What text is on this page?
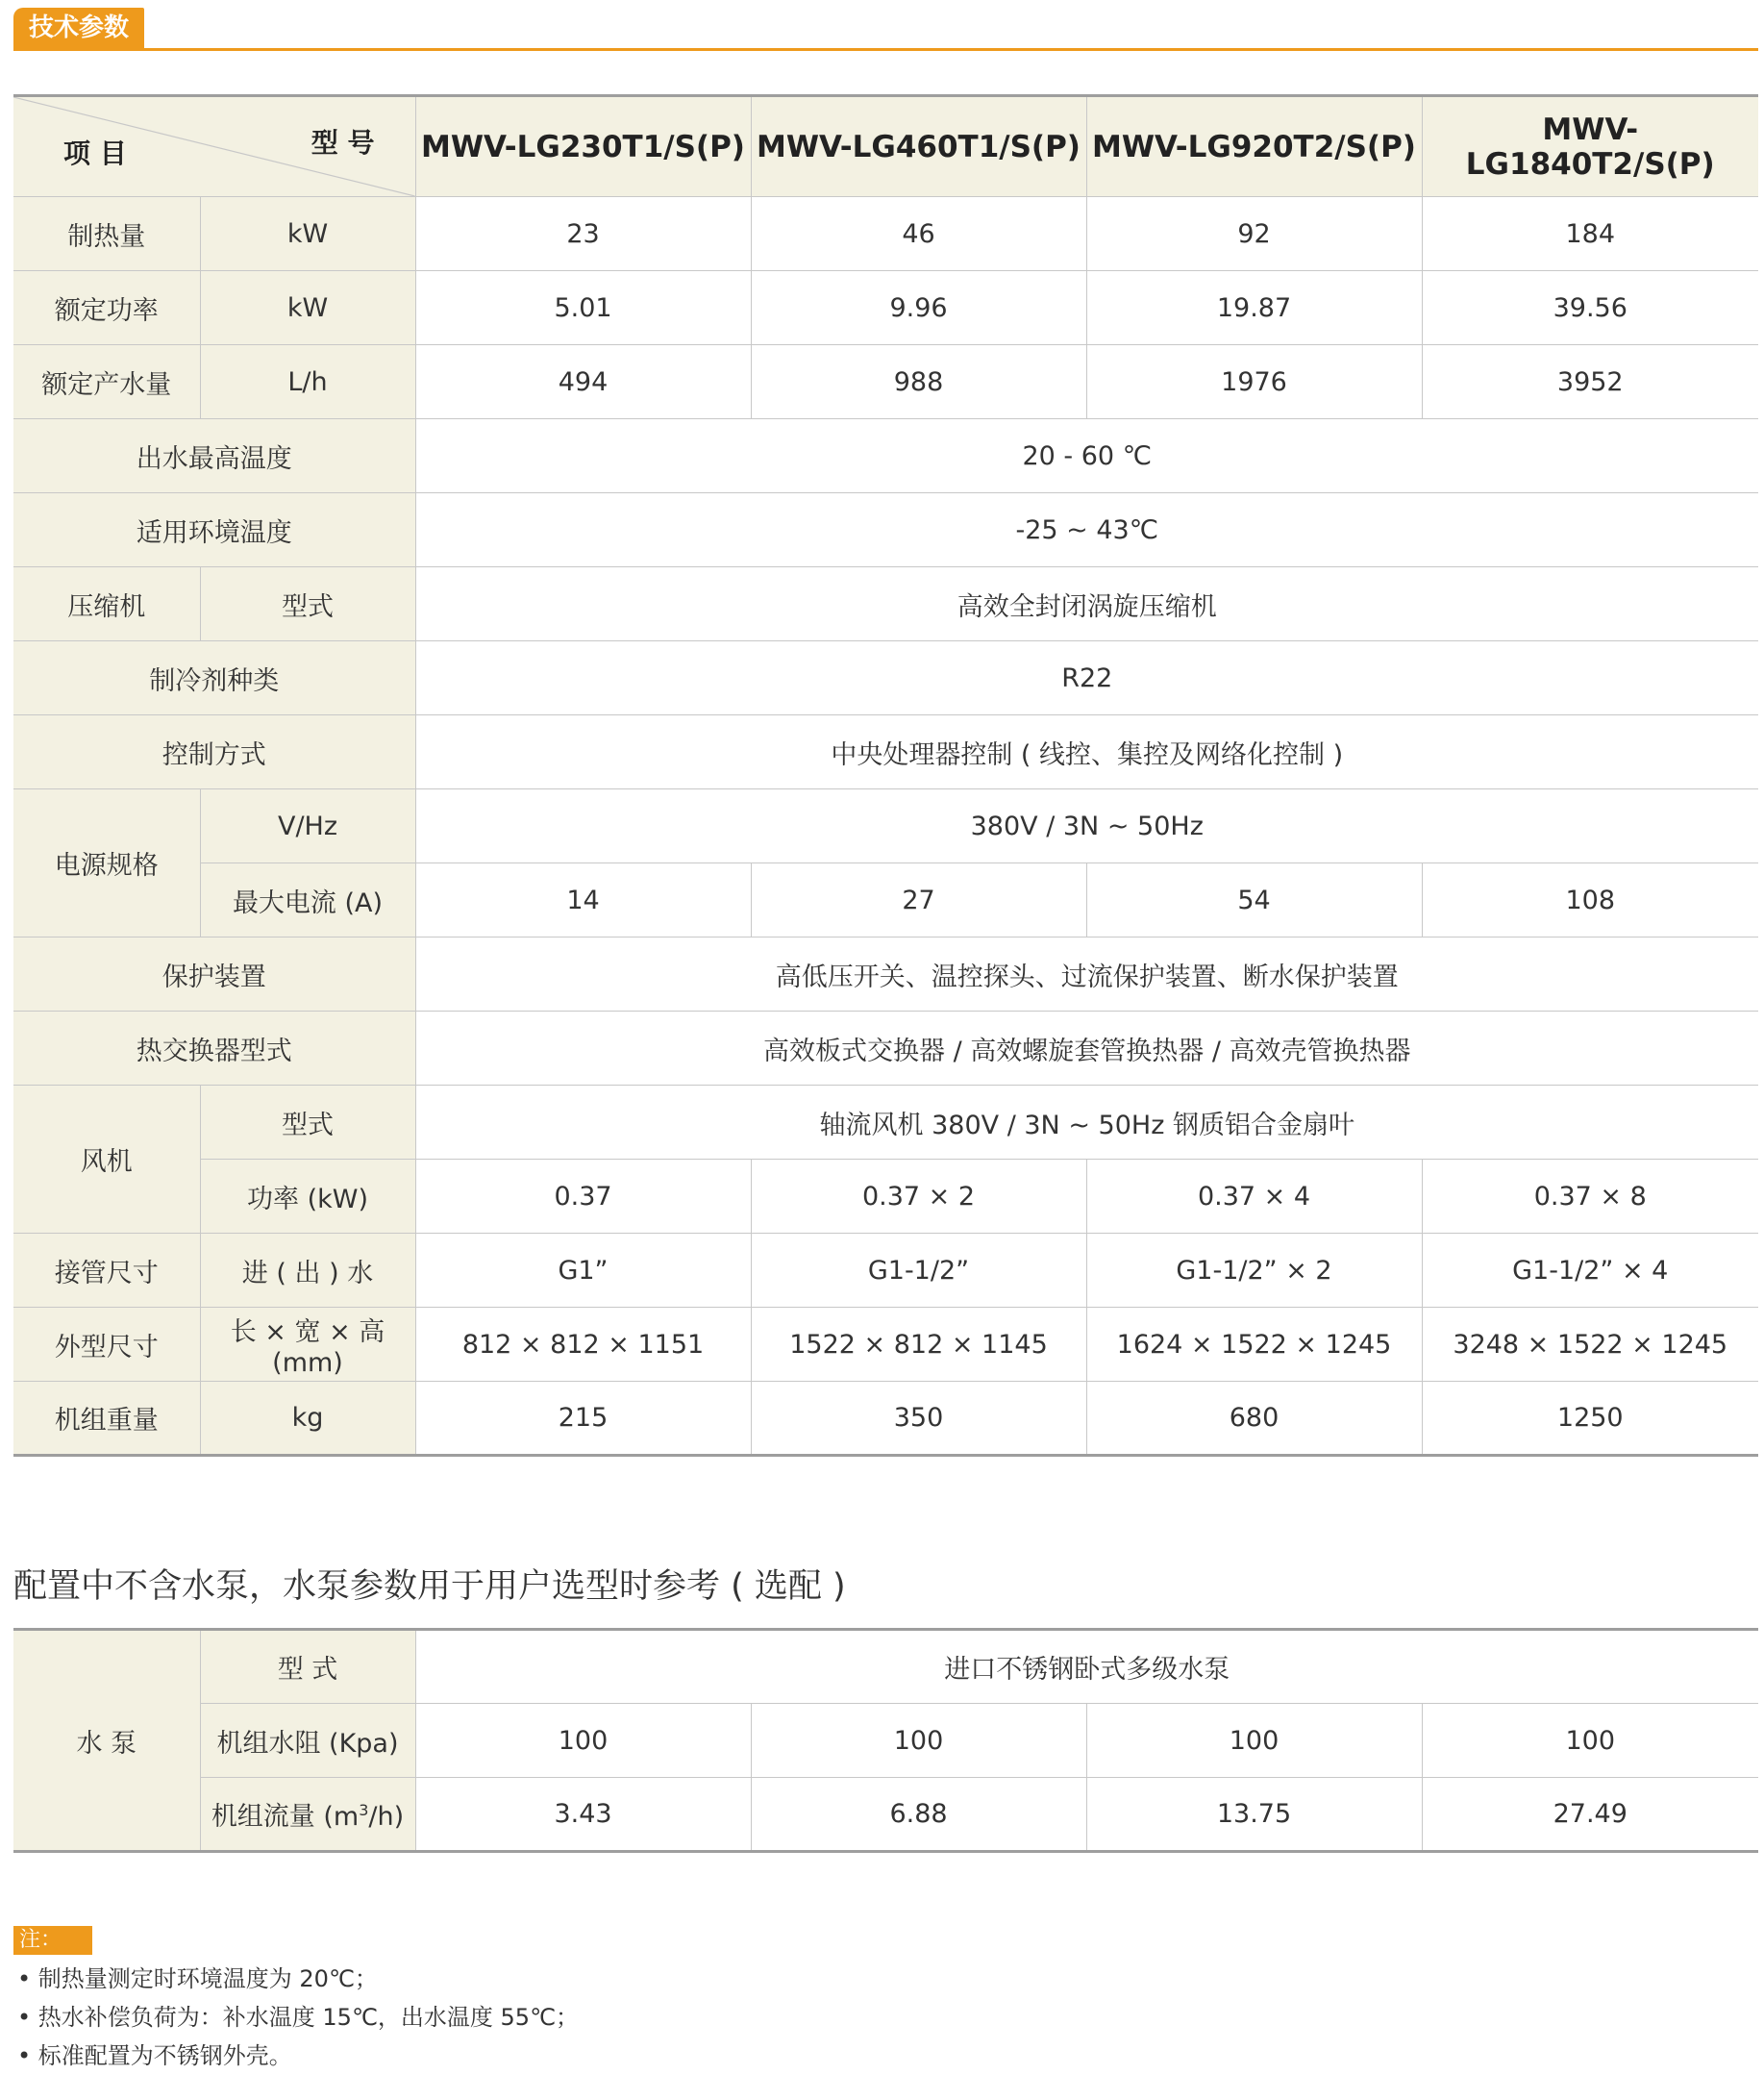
技术参数
项 目 型 号		MWV-LG230T1/S(P)	MWV-LG460T1/S(P)	MWV-LG920T2/S(P)	MWV-LG1840T2/S(P)
制热量	kW	23	46	92	184
额定功率	kW	5.01	9.96	19.87	39.56
额定产水量	L/h	494	988	1976	3952
出水最高温度		20 - 60 ℃			
适用环境温度		-25 ~ 43℃			
压缩机	型式	高效全封闭涡旋压缩机			
制冷剂种类		R22			
控制方式		中央处理器控制 ( 线控、集控及网络化控制 )			
电源规格	V/Hz	380V / 3N ~ 50Hz			
	最大电流 (A)	14	27	54	108
保护装置		高低压开关、温控探头、过流保护装置、断水保护装置			
热交换器型式		高效板式交换器 / 高效螺旋套管换热器 / 高效壳管换热器			
风机	型式	轴流风机 380V / 3N ~ 50Hz 钢质铝合金扇叶			
	功率 (kW)	0.37	0.37 × 2	0.37 × 4	0.37 × 8
接管尺寸	进 ( 出 ) 水	G1”	G1-1/2”	G1-1/2” × 2	G1-1/2” × 4
外型尺寸	长 × 宽 × 高(mm)	812 × 812 × 1151	1522 × 812 × 1145	1624 × 1522 × 1245	3248 × 1522 × 1245
机组重量	kg	215	350	680	1250
配置中不含水泵，水泵参数用于用户选型时参考 ( 选配 )
水 泵	型 式	进口不锈钢卧式多级水泵			
	机组水阻 (Kpa)	100	100	100	100
	机组流量 $(m^3/h)$	3.43	6.88	13.75	27.49
注：
• 制热量测定时环境温度为 20℃；
• 热水补偿负荷为：补水温度 15℃，出水温度 55℃；
• 标准配置为不锈钢外壳。
